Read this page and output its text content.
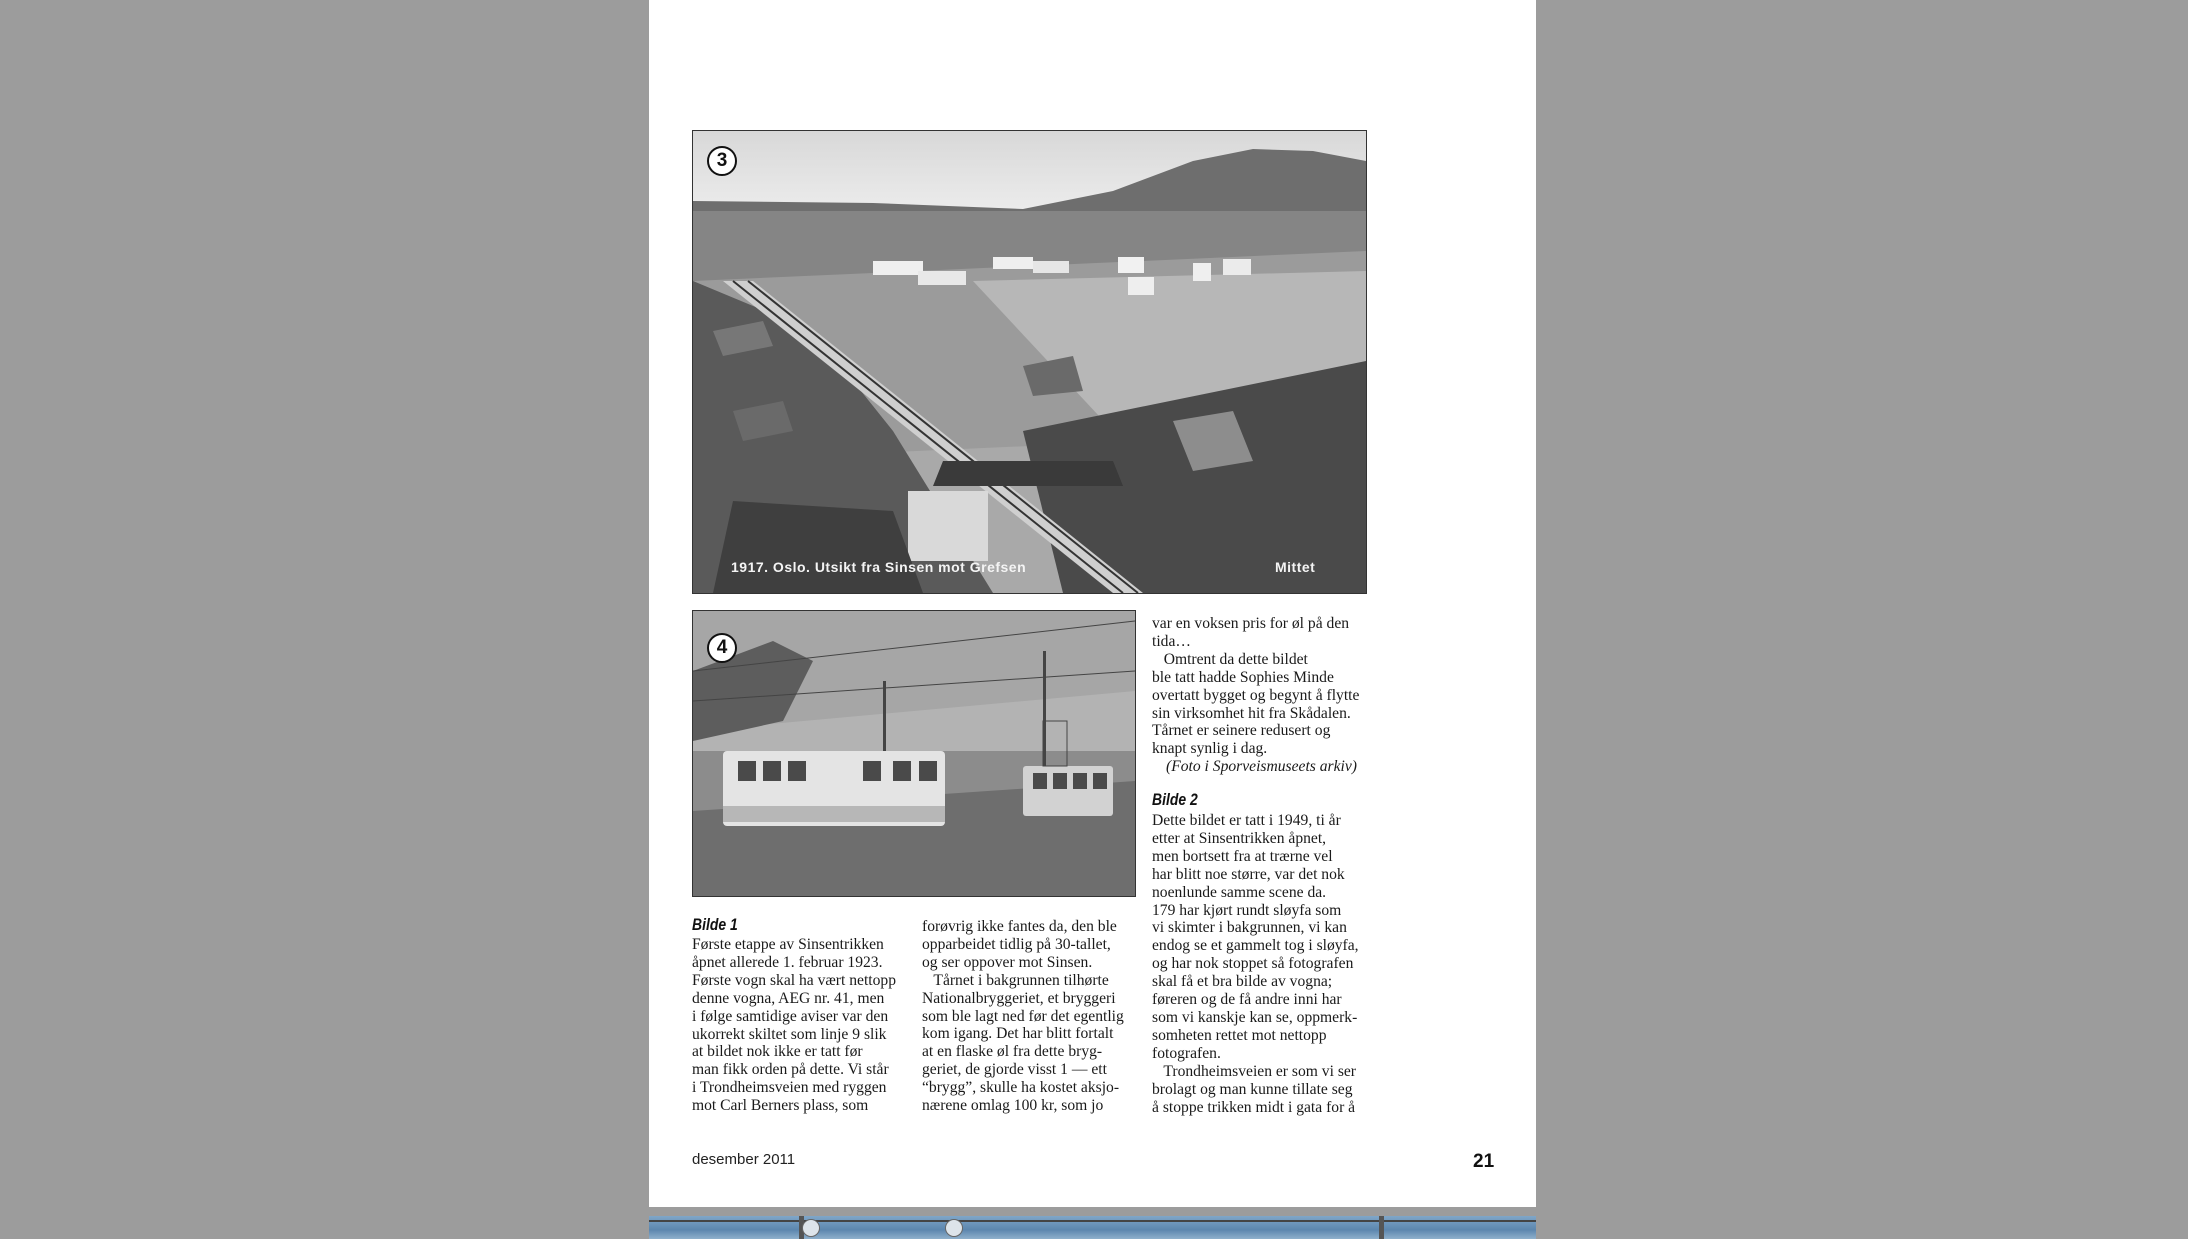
3
1917. Oslo. Utsikt fra Sinsen mot Grefsen	Mittet
4
Bilde 1
Første etappe av Sinsentrikken
åpnet allerede 1. februar 1923.
Første vogn skal ha vært nettopp
denne vogna, AEG nr. 41, men
i følge samtidige aviser var den
ukorrekt skiltet som linje 9 slik
at bildet nok ikke er tatt før
man fikk orden på dette. Vi står
i Trondheimsveien med ryggen
mot Carl Berners plass, som
forøvrig ikke fantes da, den ble
opparbeidet tidlig på 30-tallet,
og ser oppover mot Sinsen.
Tårnet i bakgrunnen tilhørte
Nationalbryggeriet, et bryggeri
som ble lagt ned før det egentlig
kom igang. Det har blitt fortalt
at en flaske øl fra dette bryg-
geriet, de gjorde visst 1 — ett
“brygg”, skulle ha kostet aksjo-
nærene omlag 100 kr, som jo
var en voksen pris for øl på den
tida…
Omtrent da dette bildet
ble tatt hadde Sophies Minde
overtatt bygget og begynt å flytte
sin virksomhet hit fra Skådalen.
Tårnet er seinere redusert og
knapt synlig i dag.
(Foto i Sporveismuseets arkiv)
Bilde 2
Dette bildet er tatt i 1949, ti år
etter at Sinsentrikken åpnet,
men bortsett fra at trærne vel
har blitt noe større, var det nok
noenlunde samme scene da.
179 har kjørt rundt sløyfa som
vi skimter i bakgrunnen, vi kan
endog se et gammelt tog i sløyfa,
og har nok stoppet så fotografen
skal få et bra bilde av vogna;
føreren og de få andre inni har
som vi kanskje kan se, oppmerk-
somheten rettet mot nettopp
fotografen.
Trondheimsveien er som vi ser
brolagt og man kunne tillate seg
å stoppe trikken midt i gata for å
desember 2011	21
